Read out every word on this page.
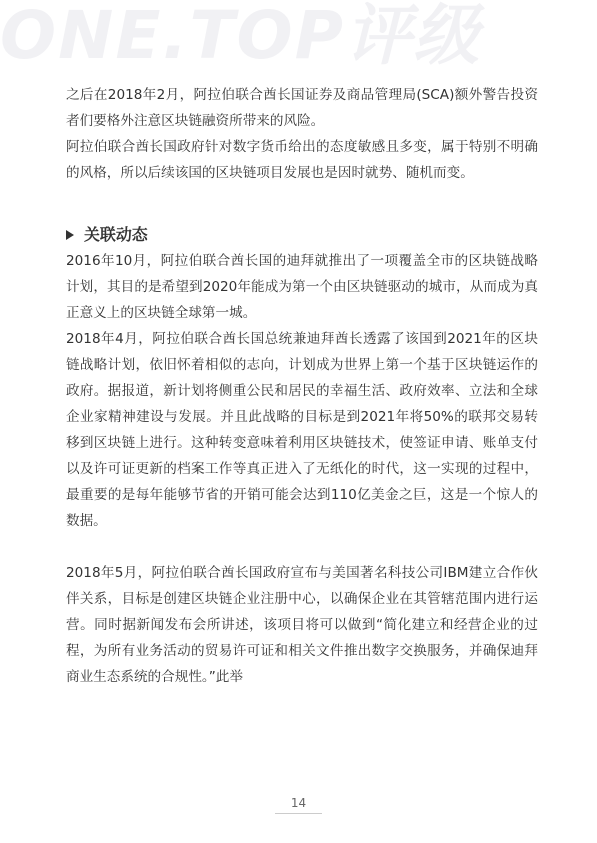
ONE.TOP评级

之后在2018年2月，阿拉伯联合酋长国证券及商品管理局(SCA)额外警告投资者们要格外注意区块链融资所带来的风险。

阿拉伯联合酋长国政府针对数字货币给出的态度敏感且多变，属于特别不明确的风格，所以后续该国的区块链项目发展也是因时就势、随机而变。

关联动态

2016年10月，阿拉伯联合酋长国的迪拜就推出了一项覆盖全市的区块链战略计划，其目的是希望到2020年能成为第一个由区块链驱动的城市，从而成为真正意义上的区块链全球第一城。

2018年4月，阿拉伯联合酋长国总统兼迪拜酋长透露了该国到2021年的区块链战略计划，依旧怀着相似的志向，计划成为世界上第一个基于区块链运作的政府。据报道，新计划将侧重公民和居民的幸福生活、政府效率、立法和全球企业家精神建设与发展。并且此战略的目标是到2021年将50%的联邦交易转移到区块链上进行。这种转变意味着利用区块链技术，使签证申请、账单支付以及许可证更新的档案工作等真正进入了无纸化的时代，这一实现的过程中，最重要的是每年能够节省的开销可能会达到110亿美金之巨，这是一个惊人的数据。

2018年5月，阿拉伯联合酋长国政府宣布与美国著名科技公司IBM建立合作伙伴关系，目标是创建区块链企业注册中心，以确保企业在其管辖范围内进行运营。同时据新闻发布会所讲述，该项目将可以做到“简化建立和经营企业的过程，为所有业务活动的贸易许可证和相关文件推出数字交换服务，并确保迪拜商业生态系统的合规性。”此举

14
